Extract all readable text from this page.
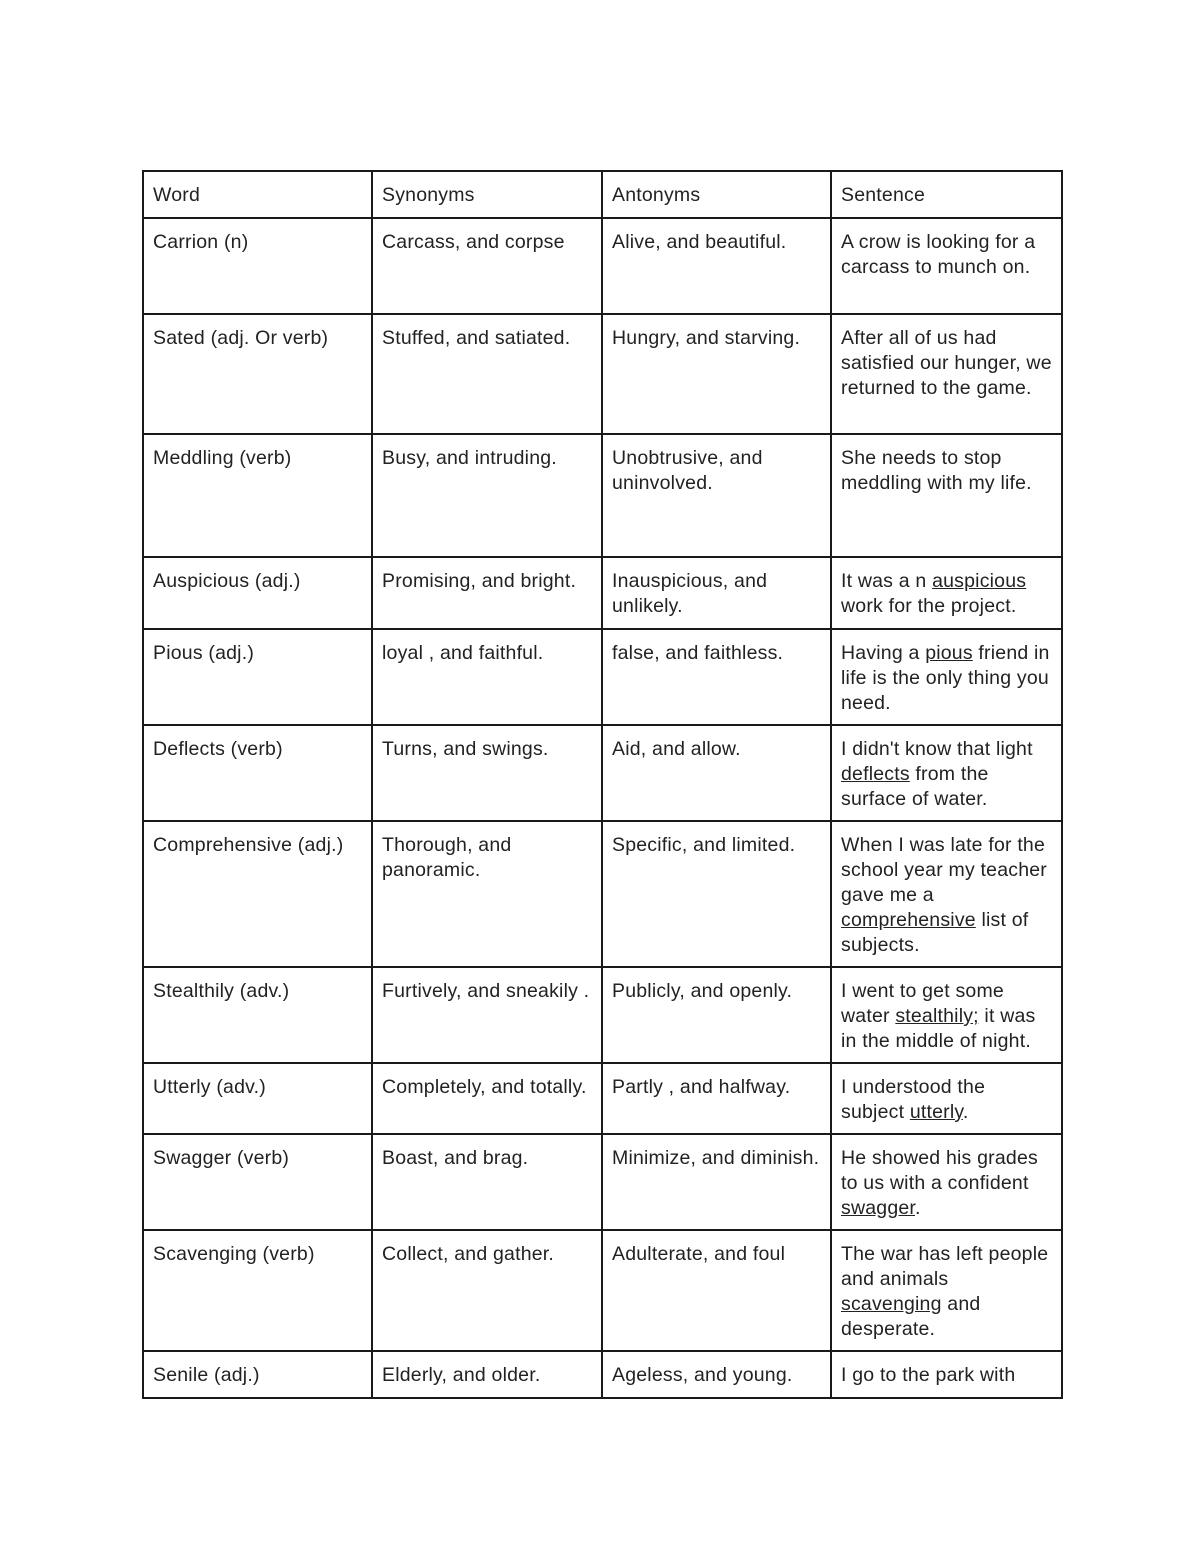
Word	Synonyms	Antonyms	Sentence
Carrion (n)	Carcass, and corpse	Alive, and beautiful.	A crow is looking for a carcass to munch on.
Sated (adj. Or verb)	Stuffed, and satiated.	Hungry, and starving.	After all of us had satisfied our hunger, we returned to the game.
Meddling (verb)	Busy, and intruding.	Unobtrusive, and uninvolved.	She needs to stop meddling with my life.
Auspicious (adj.)	Promising, and bright.	Inauspicious, and unlikely.	It was a n auspicious work for the project.
Pious (adj.)	loyal , and faithful.	false, and faithless.	Having a pious friend in life is the only thing you need.
Deflects (verb)	Turns, and swings.	Aid, and allow.	I didn't know that light deflects from the surface of water.
Comprehensive (adj.)	Thorough, and panoramic.	Specific, and limited.	When I was late for the school year my teacher gave me a comprehensive list of subjects.
Stealthily (adv.)	Furtively, and sneakily .	Publicly, and openly.	I went to get some water stealthily; it was in the middle of night.
Utterly (adv.)	Completely, and totally.	Partly , and halfway.	I understood the subject utterly.
Swagger (verb)	Boast, and brag.	Minimize, and diminish.	He showed his grades to us with a confident swagger.
Scavenging (verb)	Collect, and gather.	Adulterate, and foul	The war has left people and animals scavenging and desperate.
Senile (adj.)	Elderly, and older.	Ageless, and young.	I go to the park with
